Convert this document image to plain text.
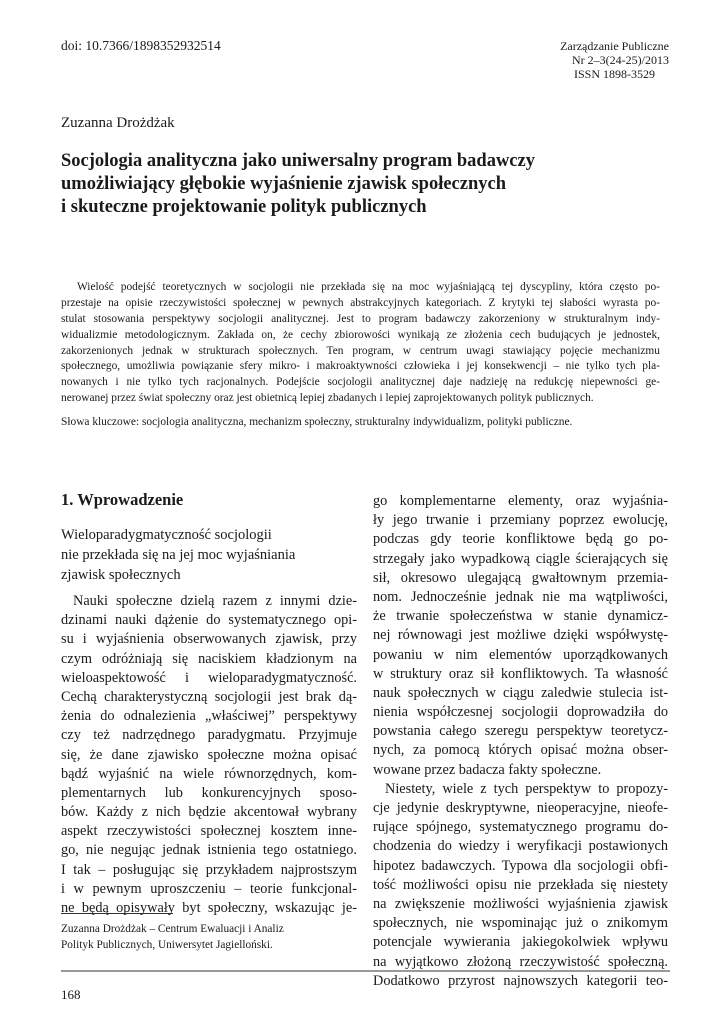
doi: 10.7366/1898352932514	Zarządzanie Publiczne
Nr 2–3(24-25)/2013
ISSN 1898-3529
Zuzanna Drożdżak
Socjologia analityczna jako uniwersalny program badawczy
umożliwiający głębokie wyjaśnienie zjawisk społecznych
i skuteczne projektowanie polityk publicznych
Wielość podejść teoretycznych w socjologii nie przekłada się na moc wyjaśniającą tej dyscypliny, która często po-
przestaje na opisie rzeczywistości społecznej w pewnych abstrakcyjnych kategoriach. Z krytyki tej słabości wyrasta po-
stulat stosowania perspektywy socjologii analitycznej. Jest to program badawczy zakorzeniony w strukturalnym indy-
widualizmie metodologicznym. Zakłada on, że cechy zbiorowości wynikają ze złożenia cech budujących je jednostek,
zakorzenionych jednak w strukturach społecznych. Ten program, w centrum uwagi stawiający pojęcie mechanizmu
społecznego, umożliwia powiązanie sfery mikro- i makroaktywności człowieka i jej konsekwencji – nie tylko tych pla-
nowanych i nie tylko tych racjonalnych. Podejście socjologii analitycznej daje nadzieję na redukcję niepewności ge-
nerowanej przez świat społeczny oraz jest obietnicą lepiej zbadanych i lepiej zaprojektowanych polityk publicznych.
Słowa kluczowe: socjologia analityczna, mechanizm społeczny, strukturalny indywidualizm, polityki publiczne.
1. Wprowadzenie
Wieloparadygmatyczność socjologii
nie przekłada się na jej moc wyjaśniania
zjawisk społecznych
Nauki społeczne dzielą razem z innymi dzie-
dzinami nauki dążenie do systematycznego opi-
su i wyjaśnienia obserwowanych zjawisk, przy
czym odróżniają się naciskiem kładzionym na
wieloaspektowość i wieloparadygmatyczność.
Cechą charakterystyczną socjologii jest brak dą-
żenia do odnalezienia „właściwej” perspektywy
czy też nadrzędnego paradygmatu. Przyjmuje
się, że dane zjawisko społeczne można opisać
bądź wyjaśnić na wiele równorzędnych, kom-
plementarnych lub konkurencyjnych sposo-
bów. Każdy z nich będzie akcentował wybrany
aspekt rzeczywistości społecznej kosztem inne-
go, nie negując jednak istnienia tego ostatniego.
I tak – posługując się przykładem najprostszym
i w pewnym uproszczeniu – teorie funkcjonal-
ne będą opisywały byt społeczny, wskazując je-
go komplementarne elementy, oraz wyjaśnia-
ły jego trwanie i przemiany poprzez ewolucję,
podczas gdy teorie konfliktowe będą go po-
strzegały jako wypadkową ciągle ścierających się
sił, okresowo ulegającą gwałtownym przemia-
nom. Jednocześnie jednak nie ma wątpliwości,
że trwanie społeczeństwa w stanie dynamicz-
nej równowagi jest możliwe dzięki współwystę-
powaniu w nim elementów uporządkowanych
w struktury oraz sił konfliktowych. Ta własność
nauk społecznych w ciągu zaledwie stulecia ist-
nienia współczesnej socjologii doprowadziła do
powstania całego szeregu perspektyw teoretycz-
nych, za pomocą których opisać można obser-
wowane przez badacza fakty społeczne.
Niestety, wiele z tych perspektyw to propozy-
cje jedynie deskryptywne, nieoperacyjne, nieofe-
rujące spójnego, systematycznego programu do-
chodzenia do wiedzy i weryfikacji postawionych
hipotez badawczych. Typowa dla socjologii obfi-
tość możliwości opisu nie przekłada się niestety
na zwiększenie możliwości wyjaśnienia zjawisk
społecznych, nie wspominając już o znikomym
potencjale wywierania jakiegokolwiek wpływu
na wyjątkowo złożoną rzeczywistość społeczną.
Dodatkowo przyrost najnowszych kategorii teo-
Zuzanna Drożdżak – Centrum Ewaluacji i Analiz
Polityk Publicznych, Uniwersytet Jagielloński.
168
